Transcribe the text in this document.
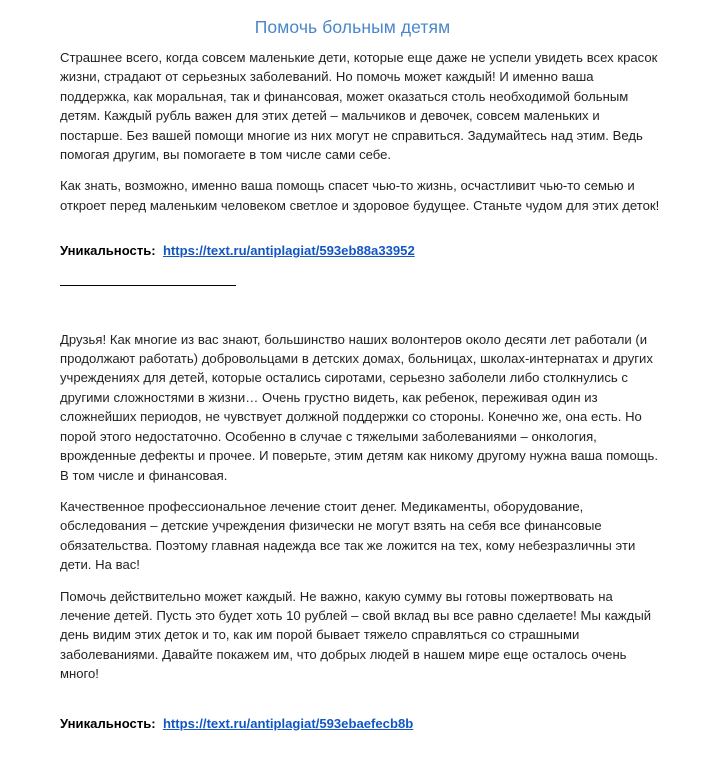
Помочь больным детям

Страшнее всего, когда совсем маленькие дети, которые еще даже не успели увидеть всех красок жизни, страдают от серьезных заболеваний. Но помочь может каждый! И именно ваша поддержка, как моральная, так и финансовая, может оказаться столь необходимой больным детям. Каждый рубль важен для этих детей – мальчиков и девочек, совсем маленьких и постарше. Без вашей помощи многие из них могут не справиться. Задумайтесь над этим. Ведь помогая другим, вы помогаете в том числе сами себе.

Как знать, возможно, именно ваша помощь спасет чью-то жизнь, осчастливит чью-то семью и откроет перед маленьким человеком светлое и здоровое будущее. Станьте чудом для этих деток!

Уникальность: https://text.ru/antiplagiat/593eb88a33952

Друзья! Как многие из вас знают, большинство наших волонтеров около десяти лет работали (и продолжают работать) добровольцами в детских домах, больницах, школах-интернатах и других учреждениях для детей, которые остались сиротами, серьезно заболели либо столкнулись с другими сложностями в жизни… Очень грустно видеть, как ребенок, переживая один из сложнейших периодов, не чувствует должной поддержки со стороны. Конечно же, она есть. Но порой этого недостаточно. Особенно в случае с тяжелыми заболеваниями – онкология, врожденные дефекты и прочее. И поверьте, этим детям как никому другому нужна ваша помощь. В том числе и финансовая.

Качественное профессиональное лечение стоит денег. Медикаменты, оборудование, обследования – детские учреждения физически не могут взять на себя все финансовые обязательства. Поэтому главная надежда все так же ложится на тех, кому небезразличны эти дети. На вас!

Помочь действительно может каждый. Не важно, какую сумму вы готовы пожертвовать на лечение детей. Пусть это будет хоть 10 рублей – свой вклад вы все равно сделаете! Мы каждый день видим этих деток и то, как им порой бывает тяжело справляться со страшными заболеваниями. Давайте покажем им, что добрых людей в нашем мире еще осталось очень много!

Уникальность: https://text.ru/antiplagiat/593ebaefecb8b
